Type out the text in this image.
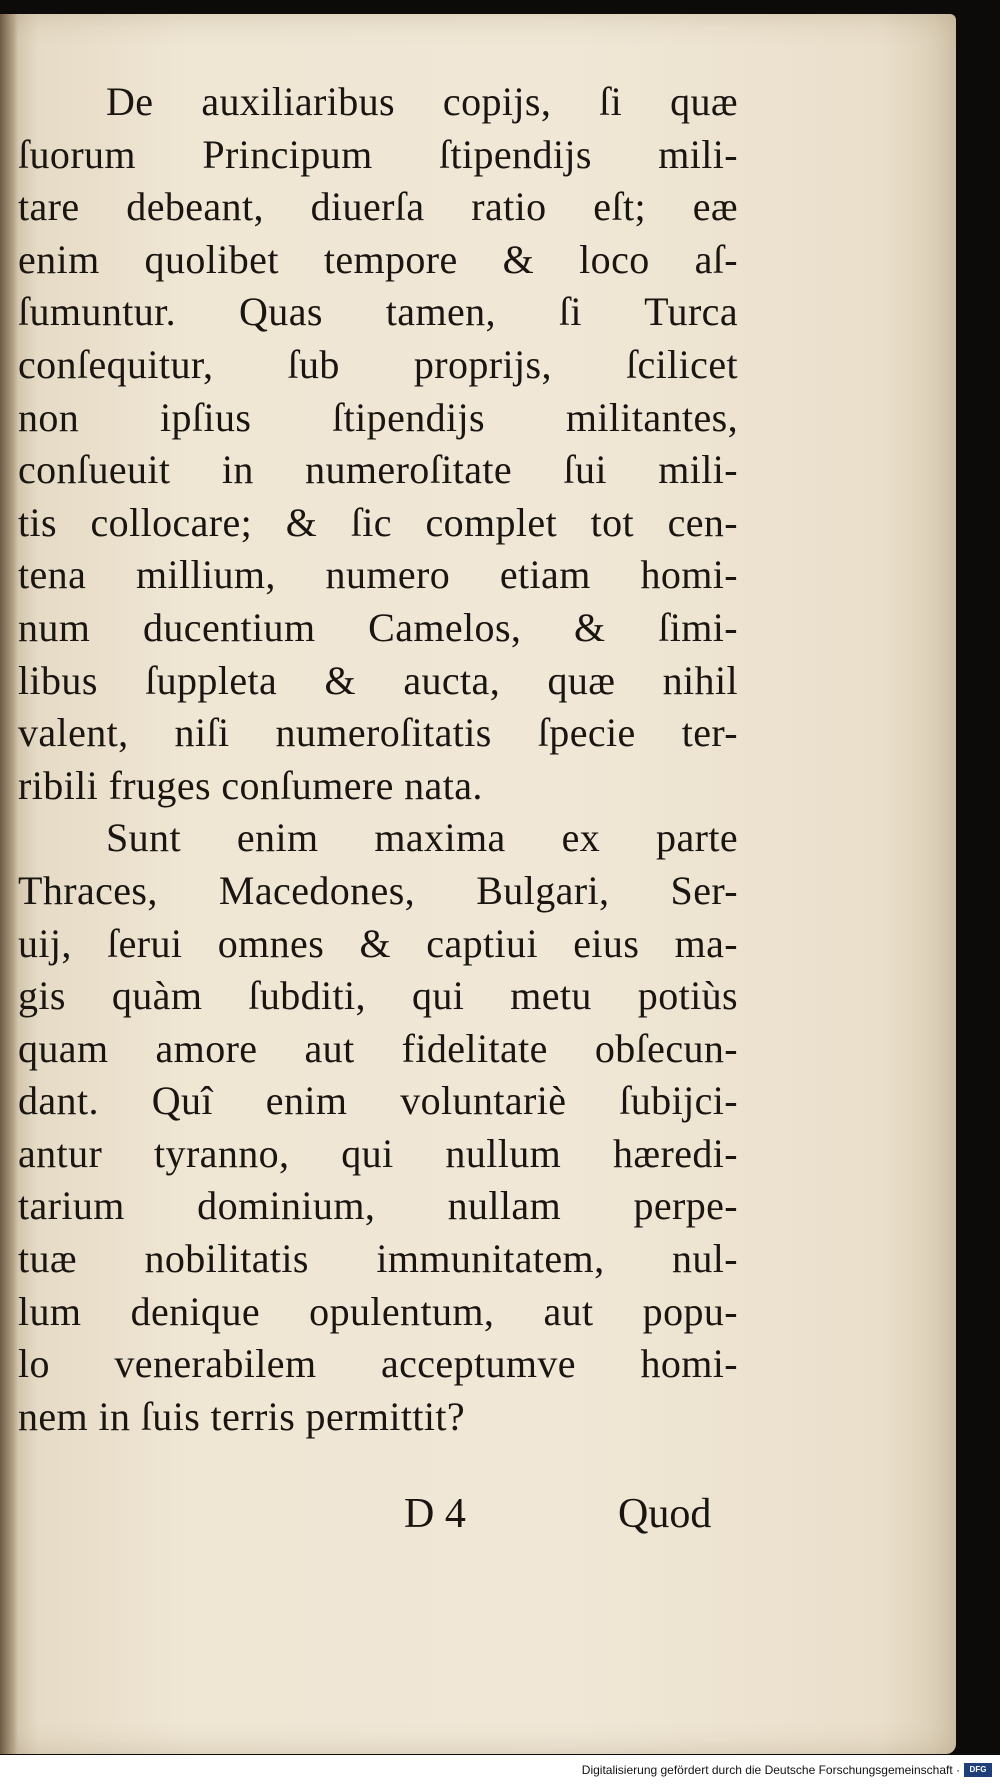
De auxiliaribus copijs, ſi quæ
ſuorum Principum ſtipendijs mili-
tare debeant, diuerſa ratio eſt; eæ
enim quolibet tempore & loco aſ-
ſumuntur. Quas tamen, ſi Turca
conſequitur, ſub proprijs, ſcilicet
non ipſius ſtipendijs militantes,
conſueuit in numeroſitate ſui mili-
tis collocare; & ſic complet tot cen-
tena millium, numero etiam homi-
num ducentium Camelos, & ſimi-
libus ſuppleta & aucta, quæ nihil
valent, niſi numeroſitatis ſpecie ter-
ribili fruges conſumere nata.
Sunt enim maxima ex parte
Thraces, Macedones, Bulgari, Ser-
uij, ſerui omnes & captiui eius ma-
gis quàm ſubditi, qui metu potiùs
quam amore aut fidelitate obſecun-
dant. Quî enim voluntariè ſubijci-
antur tyranno, qui nullum hæredi-
tarium dominium, nullam perpe-
tuæ nobilitatis immunitatem, nul-
lum denique opulentum, aut popu-
lo venerabilem acceptumve homi-
nem in ſuis terris permittit?
D 4	Quod
Digitalisierung gefördert durch die Deutsche Forschungsgemeinschaft ·	DFG
